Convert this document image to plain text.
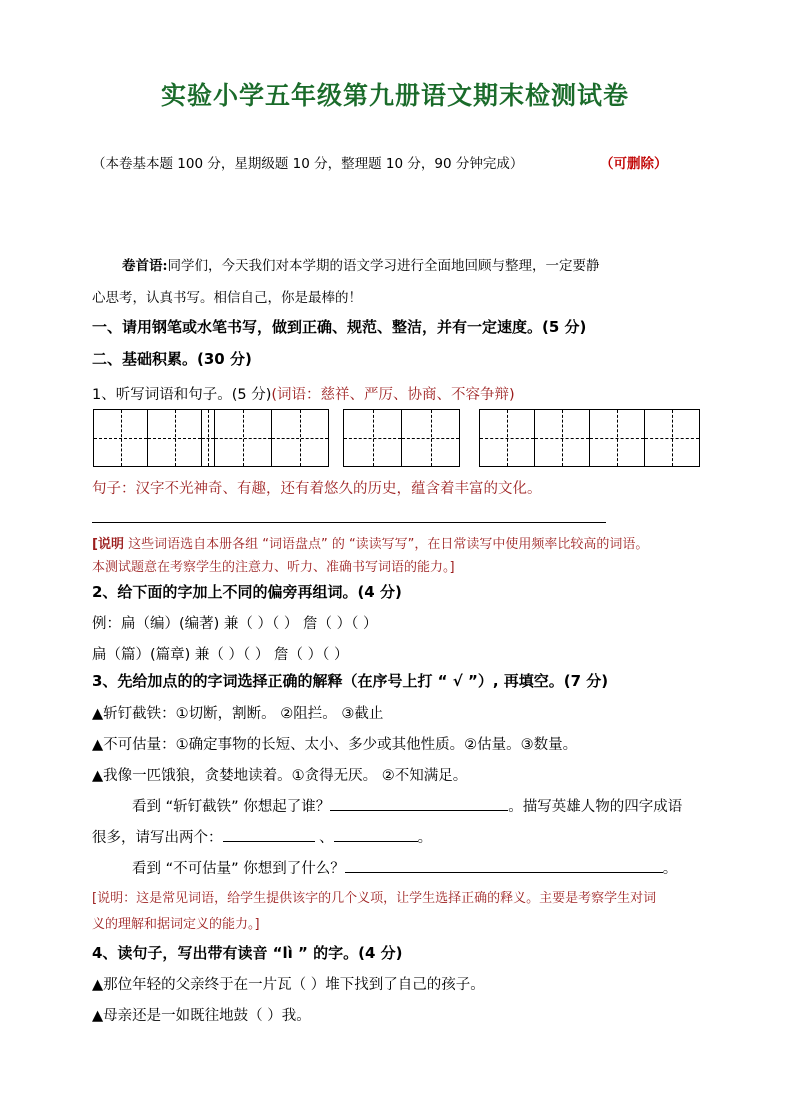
实验小学五年级第九册语文期末检测试卷
（本卷基本题 100 分，星期级题 10 分，整理题 10 分，90 分钟完成）	（可删除）
卷首语:同学们，今天我们对本学期的语文学习进行全面地回顾与整理，一定要静
心思考，认真书写。相信自己，你是最棒的！
一、请用钢笔或水笔书写，做到正确、规范、整洁，并有一定速度。(5 分)
二、基础积累。(30 分)
1、听写词语和句子。(5 分)(词语：慈祥、严厉、协商、不容争辩)
句子：汉字不光神奇、有趣，还有着悠久的历史，蕴含着丰富的文化。
[说明 这些词语选自本册各组 “词语盘点” 的 “读读写写”，在日常读写中使用频率比较高的词语。
本测试题意在考察学生的注意力、听力、准确书写词语的能力。]
2、给下面的字加上不同的偏旁再组词。(4 分)
例：扁（编）(编著) 兼（ ）（ ） 詹（ ）（ ）
扁（篇）(篇章) 兼（ ）（ ） 詹（ ）（ ）
3、先给加点的的字词选择正确的解释（在序号上打 “ √ ”）, 再填空。(7 分)
▲斩钉截铁：①切断，割断。 ②阻拦。 ③截止
▲不可估量：①确定事物的长短、太小、多少或其他性质。②估量。③数量。
▲我像一匹饿狼，贪婪地读着。①贪得无厌。 ②不知满足。
看到 “斩钉截铁” 你想起了谁？	。描写英雄人物的四字成语
很多，请写出两个：	、	。
看到 “不可估量” 你想到了什么？	。
[说明：这是常见词语，给学生提供该字的几个义项，让学生选择正确的释义。主要是考察学生对词
义的理解和据词定义的能力。]
4、读句子，写出带有读音 “lì ” 的字。(4 分)
▲那位年轻的父亲终于在一片瓦（ ）堆下找到了自己的孩子。
▲母亲还是一如既往地鼓（ ）我。
